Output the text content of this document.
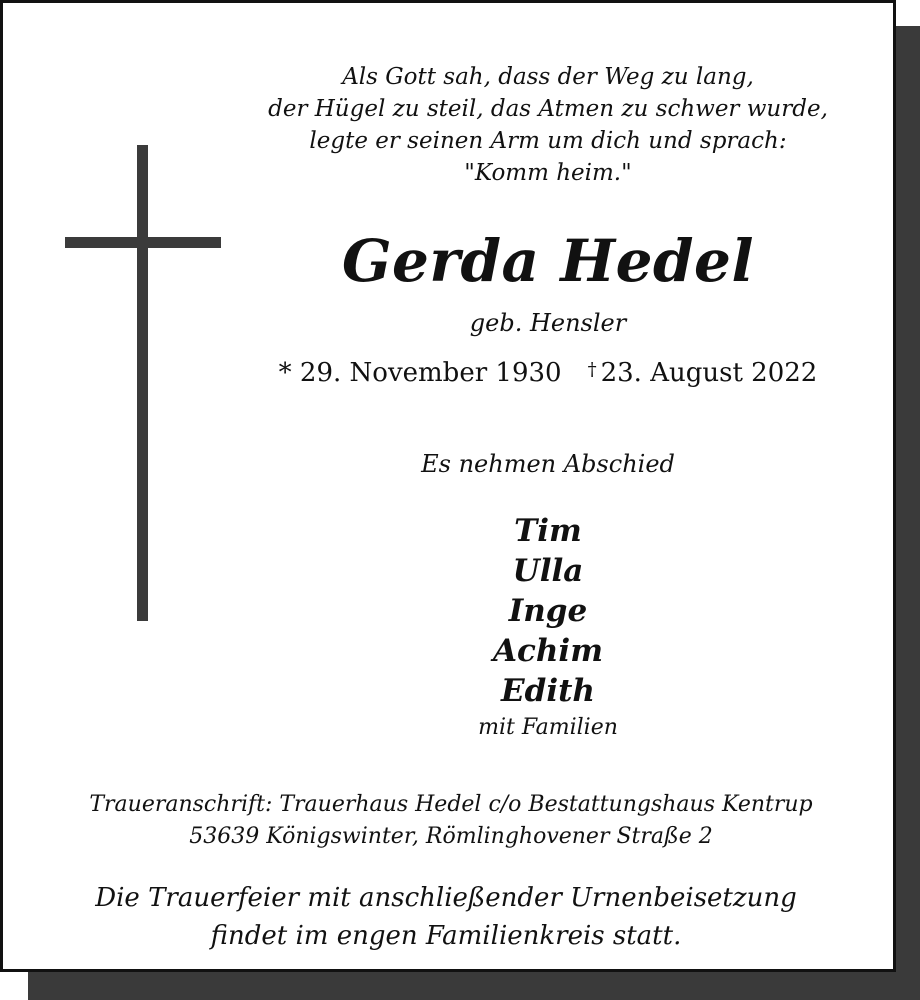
Als Gott sah, dass der Weg zu lang,
der Hügel zu steil, das Atmen zu schwer wurde,
legte er seinen Arm um dich und sprach:
"Komm heim."
Gerda Hedel
geb. Hensler
* 29. November 1930 † 23. August 2022
Es nehmen Abschied
Tim
Ulla
Inge
Achim
Edith
mit Familien
Traueranschrift: Trauerhaus Hedel c/o Bestattungshaus Kentrup
53639 Königswinter, Römlinghovener Straße 2
Die Trauerfeier mit anschließender Urnenbeisetzung
findet im engen Familienkreis statt.
